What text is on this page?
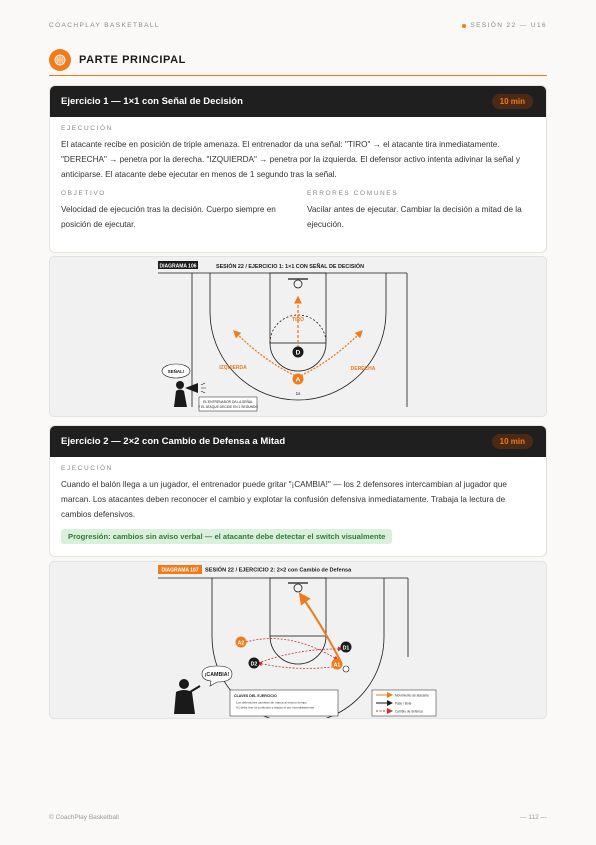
COACHPLAY BASKETBALL	SESIÓN 22 — U16
PARTE PRINCIPAL
Ejercicio 1 — 1×1 con Señal de Decisión	10 min
EJECUCIÓN
El atacante recibe en posición de triple amenaza. El entrenador da una señal: "TIRO" → el atacante tira inmediatamente. "DERECHA" → penetra por la derecha. "IZQUIERDA" → penetra por la izquierda. El defensor activo intenta adivinar la señal y anticiparse. El atacante debe ejecutar en menos de 1 segundo tras la señal.
OBJETIVO
Velocidad de ejecución tras la decisión. Cuerpo siempre en posición de ejecutar.
ERRORES COMUNES
Vacilar antes de ejecutar. Cambiar la decisión a mitad de la ejecución.
DIAGRAMA 106	SESIÓN 22 / EJERCICIO 1: 1×1 CON SEÑAL DE DECISIÓN
TIRO
IZQUIERDA	DERECHA
D
A
1s
SEÑAL!
EL ENTRENADOR DA LA SEÑAL
Y EL ATAQUE DECIDE EN 1 SEGUNDO
Ejercicio 2 — 2×2 con Cambio de Defensa a Mitad	10 min
EJECUCIÓN
Cuando el balón llega a un jugador, el entrenador puede gritar "¡CAMBIA!" — los 2 defensores intercambian al jugador que marcan. Los atacantes deben reconocer el cambio y explotar la confusión defensiva inmediatamente. Trabaja la lectura de cambios defensivos.
Progresión: cambios sin aviso verbal — el atacante debe detectar el switch visualmente
DIAGRAMA 107 SESIÓN 22 / EJERCICIO 2: 2×2 con Cambio de Defensa
A2
D2
D1
A1
¡CAMBIA!
CLAVES DEL EJERCICIO
Los defensores cambian de marca al mismo tiempo
A1 debe leer la confusión y atacar el aro inmediatamente
Movimiento de atacante
Pase / Bote
Cambio de defensa
© CoachPlay Basketball	— 112 —
